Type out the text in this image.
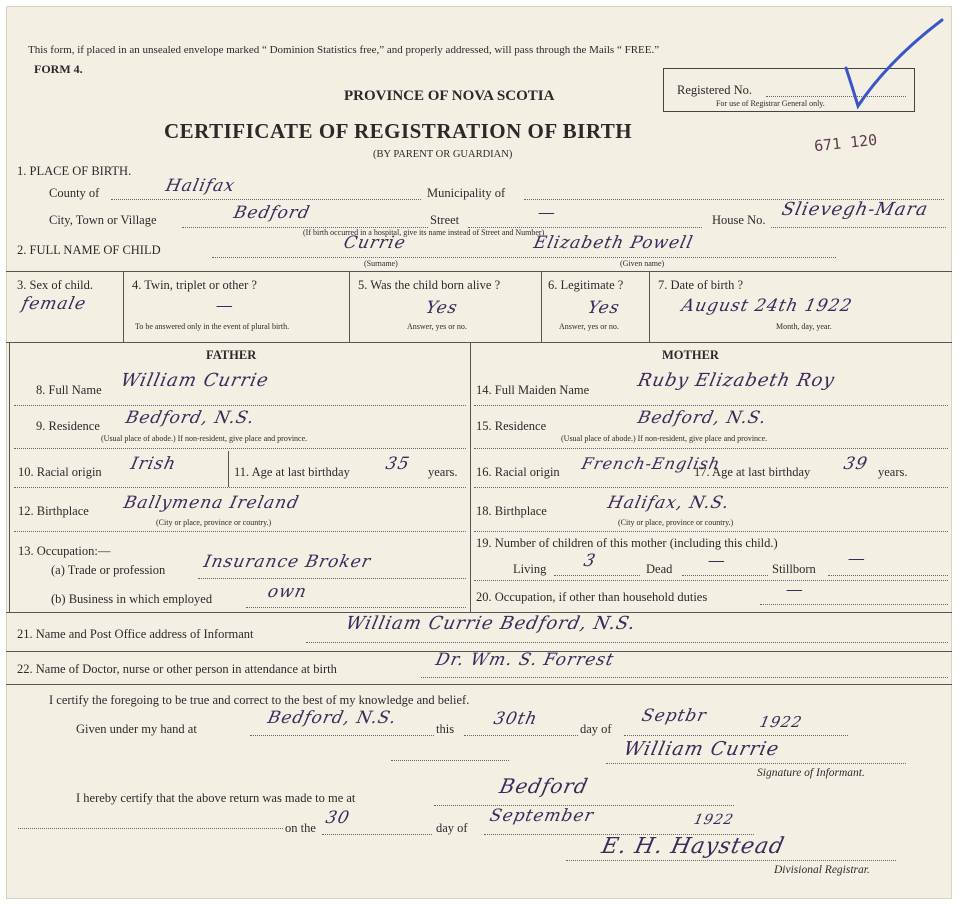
This form, if placed in an unsealed envelope marked “ Dominion Statistics free,” and properly addressed, will pass through the Mails “ FREE.”
FORM 4.
PROVINCE OF NOVA SCOTIA
CERTIFICATE OF REGISTRATION OF BIRTH
(BY PARENT OR GUARDIAN)
Registered No.
For use of Registrar General only.
671 120
1. PLACE OF BIRTH.
County of	Halifax	Municipality of
City, Town or Village	Bedford	Street	—	House No. Slievegh-Mara
(If birth occurred in a hospital, give its name instead of Street and Number)
2. FULL NAME OF CHILD	Currie	Elizabeth Powell
(Surname)	(Given name)
3. Sex of child.
female
4. Twin, triplet or other ?
—
To be answered only in the event of plural birth.
5. Was the child born alive ?
Yes
Answer, yes or no.
6. Legitimate ?
Yes
Answer, yes or no.
7. Date of birth ?
August 24th 1922
Month, day, year.
FATHER	MOTHER
8. Full Name William Currie
9. Residence Bedford, N.S.
(Usual place of abode.) If non-resident, give place and province.
10. Racial origin Irish	11. Age at last birthday 35 years.
12. Birthplace Ballymena Ireland
(City or place, province or country.)
13. Occupation:—
(a) Trade or profession Insurance Broker
(b) Business in which employed	own
14. Full Maiden Name	Ruby Elizabeth Roy
15. Residence	Bedford, N.S.
(Usual place of abode.) If non-resident, give place and province.
16. Racial origin French-English
17. Age at last birthday 39 years.
18. Birthplace	Halifax, N.S.
(City or place, province or country.)
19. Number of children of this mother (including this child.)
Living 3	Dead —	Stillborn —
20. Occupation, if other than household duties	—
21. Name and Post Office address of Informant	William Currie Bedford, N.S.
22. Name of Doctor, nurse or other person in attendance at birth	Dr. Wm. S. Forrest
I certify the foregoing to be true and correct to the best of my knowledge and belief.
Given under my hand at
Bedford, N.S.
this 30th	day of
Septbr	1922
William Currie
Signature of Informant.
I hereby certify that the above return was made to me at	Bedford
on the 30	day of
September	1922
E. H. Haystead
Divisional Registrar.
